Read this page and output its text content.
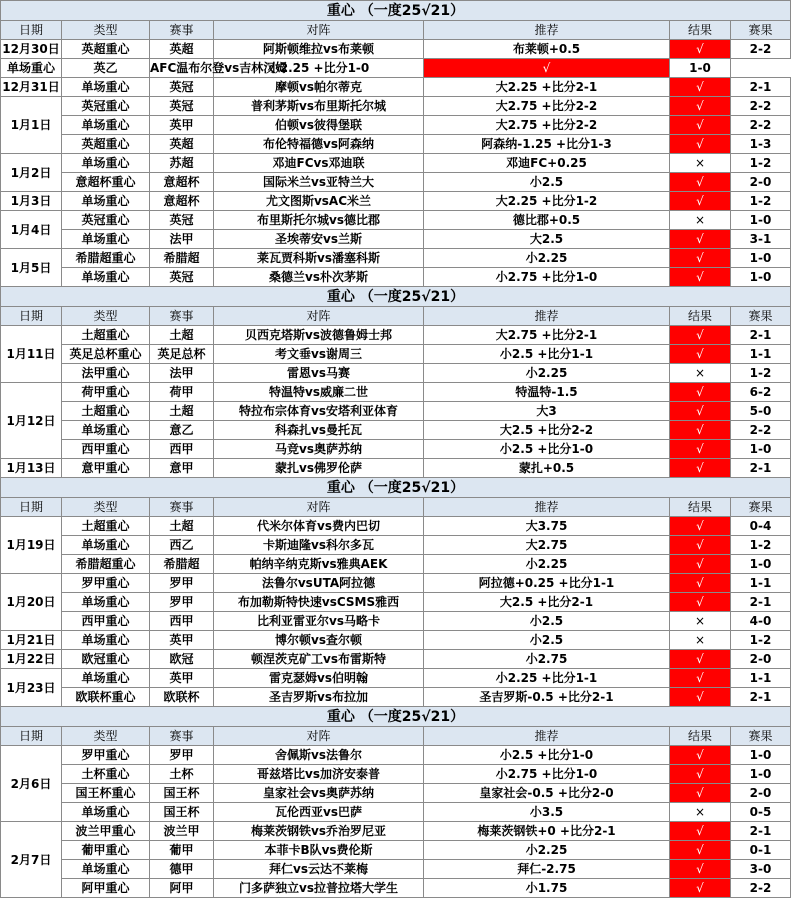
重心 （一度25√21）						
日期	类型	赛事	对阵	推荐	结果	赛果
12月30日	英超重心	英超	阿斯顿维拉vs布莱顿	布莱顿+0.5	√	2-2
单场重心	英乙	AFC温布尔登vs吉林汉姆	小2.25 +比分1-0	√	1-0	
12月31日	单场重心	英冠	摩顿vs帕尔蒂克	大2.25 +比分2-1	√	2-1
1月1日	英冠重心	英冠	普利茅斯vs布里斯托尔城	大2.75 +比分2-2	√	2-2
	单场重心	英甲	伯顿vs彼得堡联	大2.75 +比分2-2	√	2-2
	英超重心	英超	布伦特福德vs阿森纳	阿森纳-1.25 +比分1-3	√	1-3
1月2日	单场重心	苏超	邓迪FCvs邓迪联	邓迪FC+0.25	×	1-2
	意超杯重心	意超杯	国际米兰vs亚特兰大	小2.5	√	2-0
1月3日	单场重心	意超杯	尤文图斯vsAC米兰	大2.25 +比分1-2	√	1-2
1月4日	英冠重心	英冠	布里斯托尔城vs德比郡	德比郡+0.5	×	1-0
	单场重心	法甲	圣埃蒂安vs兰斯	大2.5	√	3-1
1月5日	希腊超重心	希腊超	莱瓦贾科斯vs潘塞科斯	小2.25	√	1-0
	单场重心	英冠	桑德兰vs朴次茅斯	小2.75 +比分1-0	√	1-0
重心 （一度25√21）						
日期	类型	赛事	对阵	推荐	结果	赛果
1月11日	土超重心	土超	贝西克塔斯vs波德鲁姆士邦	大2.75 +比分2-1	√	2-1
	英足总杯重心	英足总杯	考文垂vs谢周三	小2.5 +比分1-1	√	1-1
	法甲重心	法甲	雷恩vs马赛	小2.25	×	1-2
1月12日	荷甲重心	荷甲	特温特vs威廉二世	特温特-1.5	√	6-2
	土超重心	土超	特拉布宗体育vs安塔利亚体育	大3	√	5-0
	单场重心	意乙	科森扎vs曼托瓦	大2.5 +比分2-2	√	2-2
	西甲重心	西甲	马竞vs奥萨苏纳	小2.5 +比分1-0	√	1-0
1月13日	意甲重心	意甲	蒙扎vs佛罗伦萨	蒙扎+0.5	√	2-1
重心 （一度25√21）						
日期	类型	赛事	对阵	推荐	结果	赛果
1月19日	土超重心	土超	代米尔体育vs费内巴切	大3.75	√	0-4
	单场重心	西乙	卡斯迪隆vs科尔多瓦	大2.75	√	1-2
	希腊超重心	希腊超	帕纳辛纳克斯vs雅典AEK	小2.25	√	1-0
1月20日	罗甲重心	罗甲	法鲁尔vsUTA阿拉德	阿拉德+0.25 +比分1-1	√	1-1
	单场重心	罗甲	布加勒斯特快速vsCSMS雅西	大2.5 +比分2-1	√	2-1
	西甲重心	西甲	比利亚雷亚尔vs马略卡	小2.5	×	4-0
1月21日	单场重心	英甲	博尔顿vs查尔顿	小2.5	×	1-2
1月22日	欧冠重心	欧冠	顿涅茨克矿工vs布雷斯特	小2.75	√	2-0
1月23日	单场重心	英甲	雷克瑟姆vs伯明翰	小2.25 +比分1-1	√	1-1
	欧联杯重心	欧联杯	圣吉罗斯vs布拉加	圣吉罗斯-0.5 +比分2-1	√	2-1
重心 （一度25√21）						
日期	类型	赛事	对阵	推荐	结果	赛果
2月6日	罗甲重心	罗甲	舍佩斯vs法鲁尔	小2.5 +比分1-0	√	1-0
	土杯重心	土杯	哥兹塔比vs加济安泰普	小2.75 +比分1-0	√	1-0
	国王杯重心	国王杯	皇家社会vs奥萨苏纳	皇家社会-0.5 +比分2-0	√	2-0
	单场重心	国王杯	瓦伦西亚vs巴萨	小3.5	×	0-5
2月7日	波兰甲重心	波兰甲	梅莱茨钢铁vs乔治罗尼亚	梅莱茨钢铁+0 +比分2-1	√	2-1
	葡甲重心	葡甲	本菲卡B队vs费伦斯	小2.25	√	0-1
	单场重心	德甲	拜仁vs云达不莱梅	拜仁-2.75	√	3-0
	阿甲重心	阿甲	门多萨独立vs拉普拉塔大学生	小1.75	√	2-2
